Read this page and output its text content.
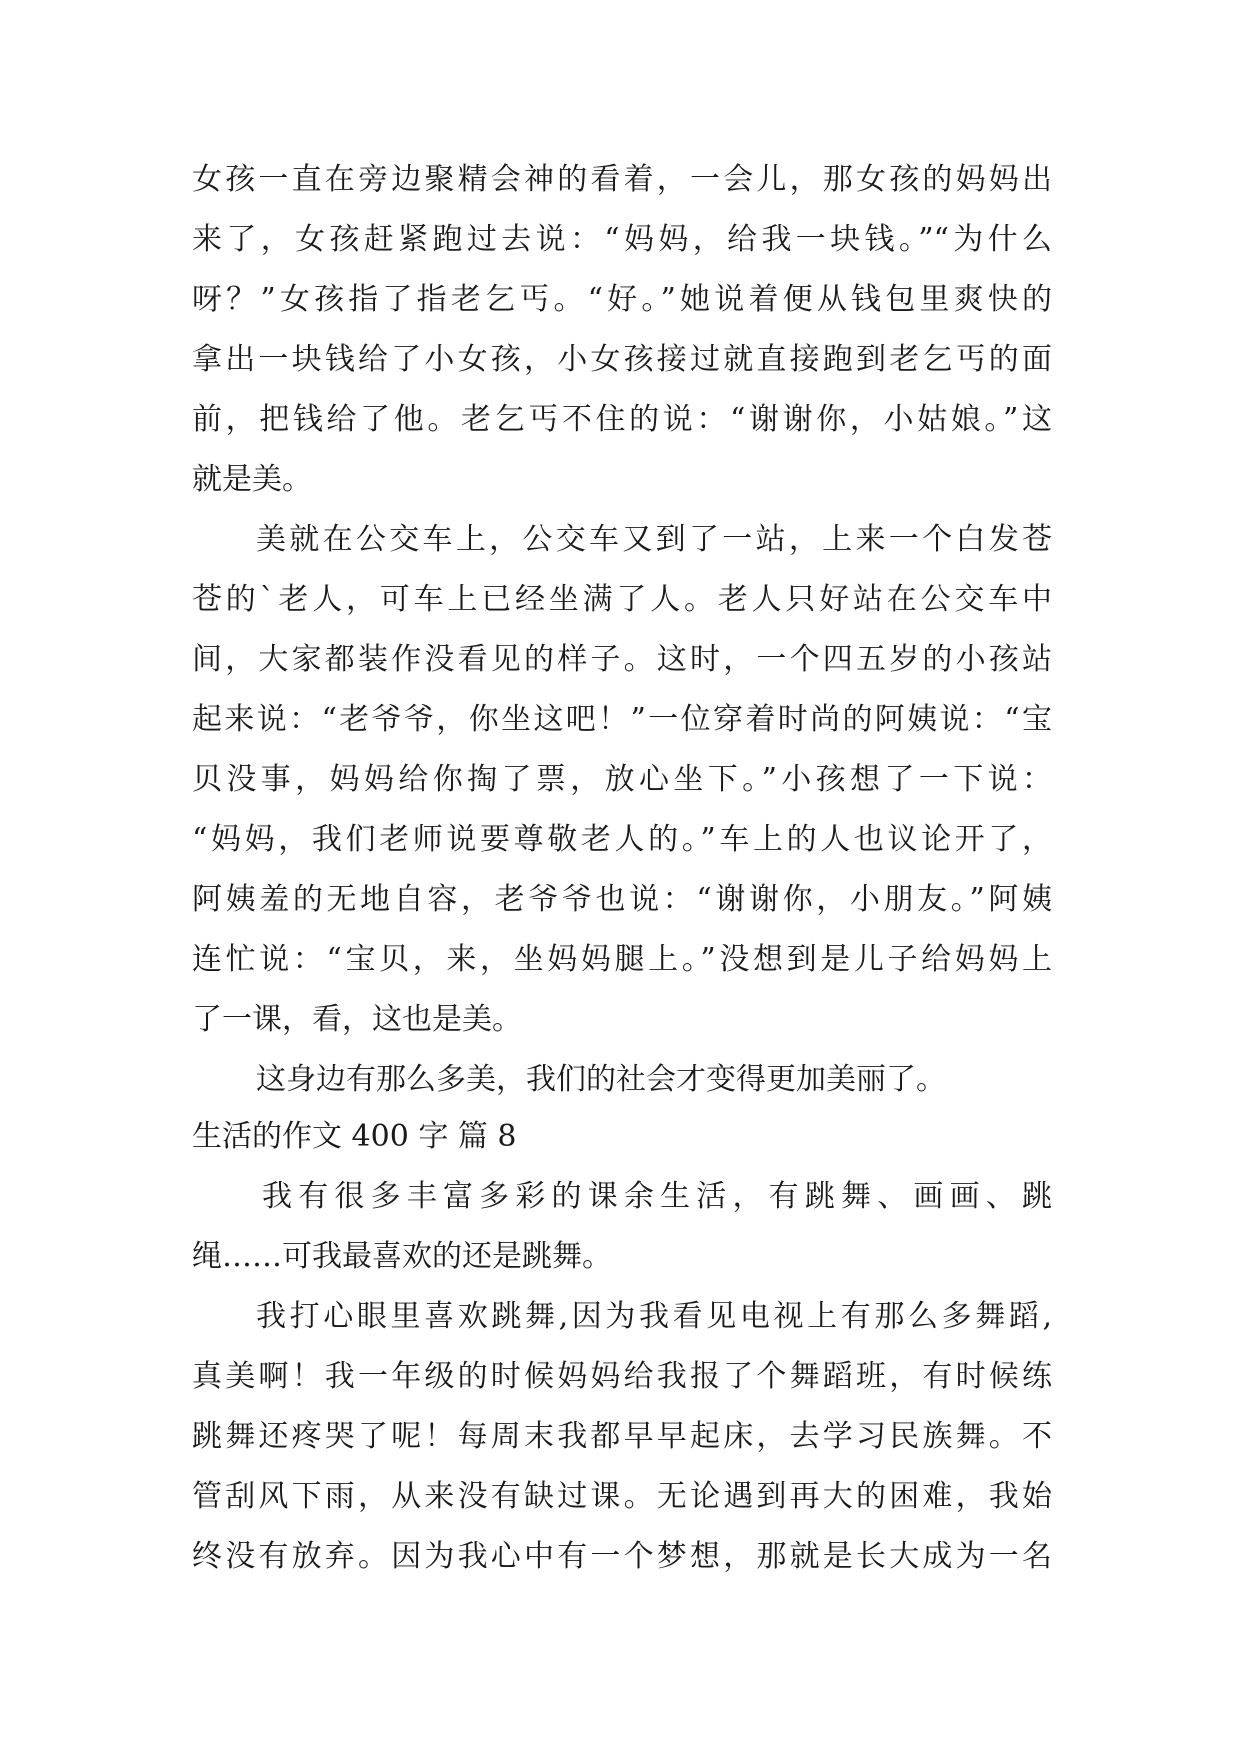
女孩一直在旁边聚精会神的看着，一会儿，那女孩的妈妈出
来了，女孩赶紧跑过去说：“妈妈，给我一块钱。”“为什么
呀？”女孩指了指老乞丐。“好。”她说着便从钱包里爽快的
拿出一块钱给了小女孩，小女孩接过就直接跑到老乞丐的面
前，把钱给了他。老乞丐不住的说：“谢谢你，小姑娘。”这
就是美。
美就在公交车上，公交车又到了一站，上来一个白发苍
苍的`老人，可车上已经坐满了人。老人只好站在公交车中
间，大家都装作没看见的样子。这时，一个四五岁的小孩站
起来说：“老爷爷，你坐这吧！”一位穿着时尚的阿姨说：“宝
贝没事，妈妈给你掏了票，放心坐下。”小孩想了一下说：
“妈妈，我们老师说要尊敬老人的。”车上的人也议论开了，
阿姨羞的无地自容，老爷爷也说：“谢谢你，小朋友。”阿姨
连忙说：“宝贝，来，坐妈妈腿上。”没想到是儿子给妈妈上
了一课，看，这也是美。
这身边有那么多美，我们的社会才变得更加美丽了。
生活的作文 400 字 篇 8
我有很多丰富多彩的课余生活，有跳舞、画画、跳
绳……可我最喜欢的还是跳舞。
我打心眼里喜欢跳舞,因为我看见电视上有那么多舞蹈,
真美啊！我一年级的时候妈妈给我报了个舞蹈班，有时候练
跳舞还疼哭了呢！每周末我都早早起床，去学习民族舞。不
管刮风下雨，从来没有缺过课。无论遇到再大的困难，我始
终没有放弃。因为我心中有一个梦想，那就是长大成为一名
